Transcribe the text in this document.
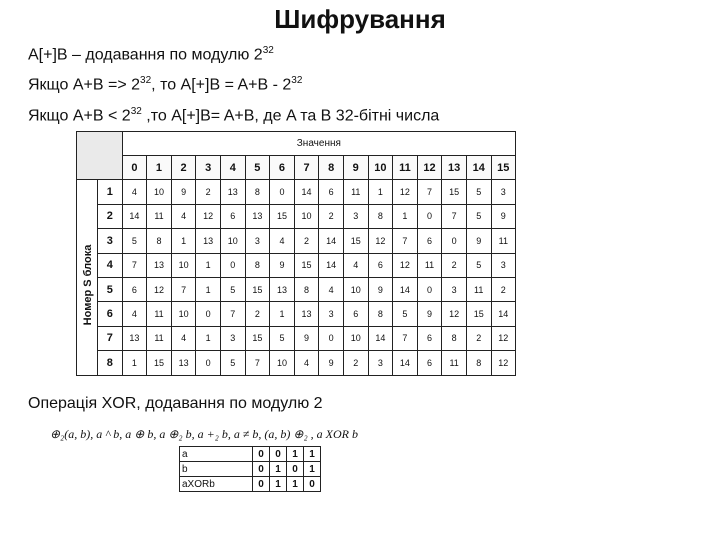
Шифрування
A[+]B – додавання по модулю $2^{32}$
Якщо $A+B => 2^{32}$, то $A[+]B = A+B - 2^{32}$
Якщо $A+B < 2^{32}$ ,то A[+]B= A+B, де A та B 32-бітні числа
		Значення															
		0	1	2	3	4	5	6	7	8	9	10	11	12	13	14	15
	1	4	10	9	2	13	8	0	14	6	11	1	12	7	15	5	3
	2	14	11	4	12	6	13	15	10	2	3	8	1	0	7	5	9
	3	5	8	1	13	10	3	4	2	14	15	12	7	6	0	9	11
	4	7	13	10	1	0	8	9	15	14	4	6	12	11	2	5	3
	5	6	12	7	1	5	15	13	8	4	10	9	14	0	3	11	2
	6	4	11	10	0	7	2	1	13	3	6	8	5	9	12	15	14
	7	13	11	4	1	3	15	5	9	0	10	14	7	6	8	2	12
	8	1	15	13	0	5	7	10	4	9	2	3	14	6	11	8	12
Номер S блока
Операція XOR, додавання по модулю 2
⊕₂(a, b), a ^ b, a ⊕ b, a ⊕₂ b, a +₂ b, a ≠ b, (a, b) ⊕₂ , a XOR b
a	0	0	1	1
b	0	1	0	1
aXORb	0	1	1	0
